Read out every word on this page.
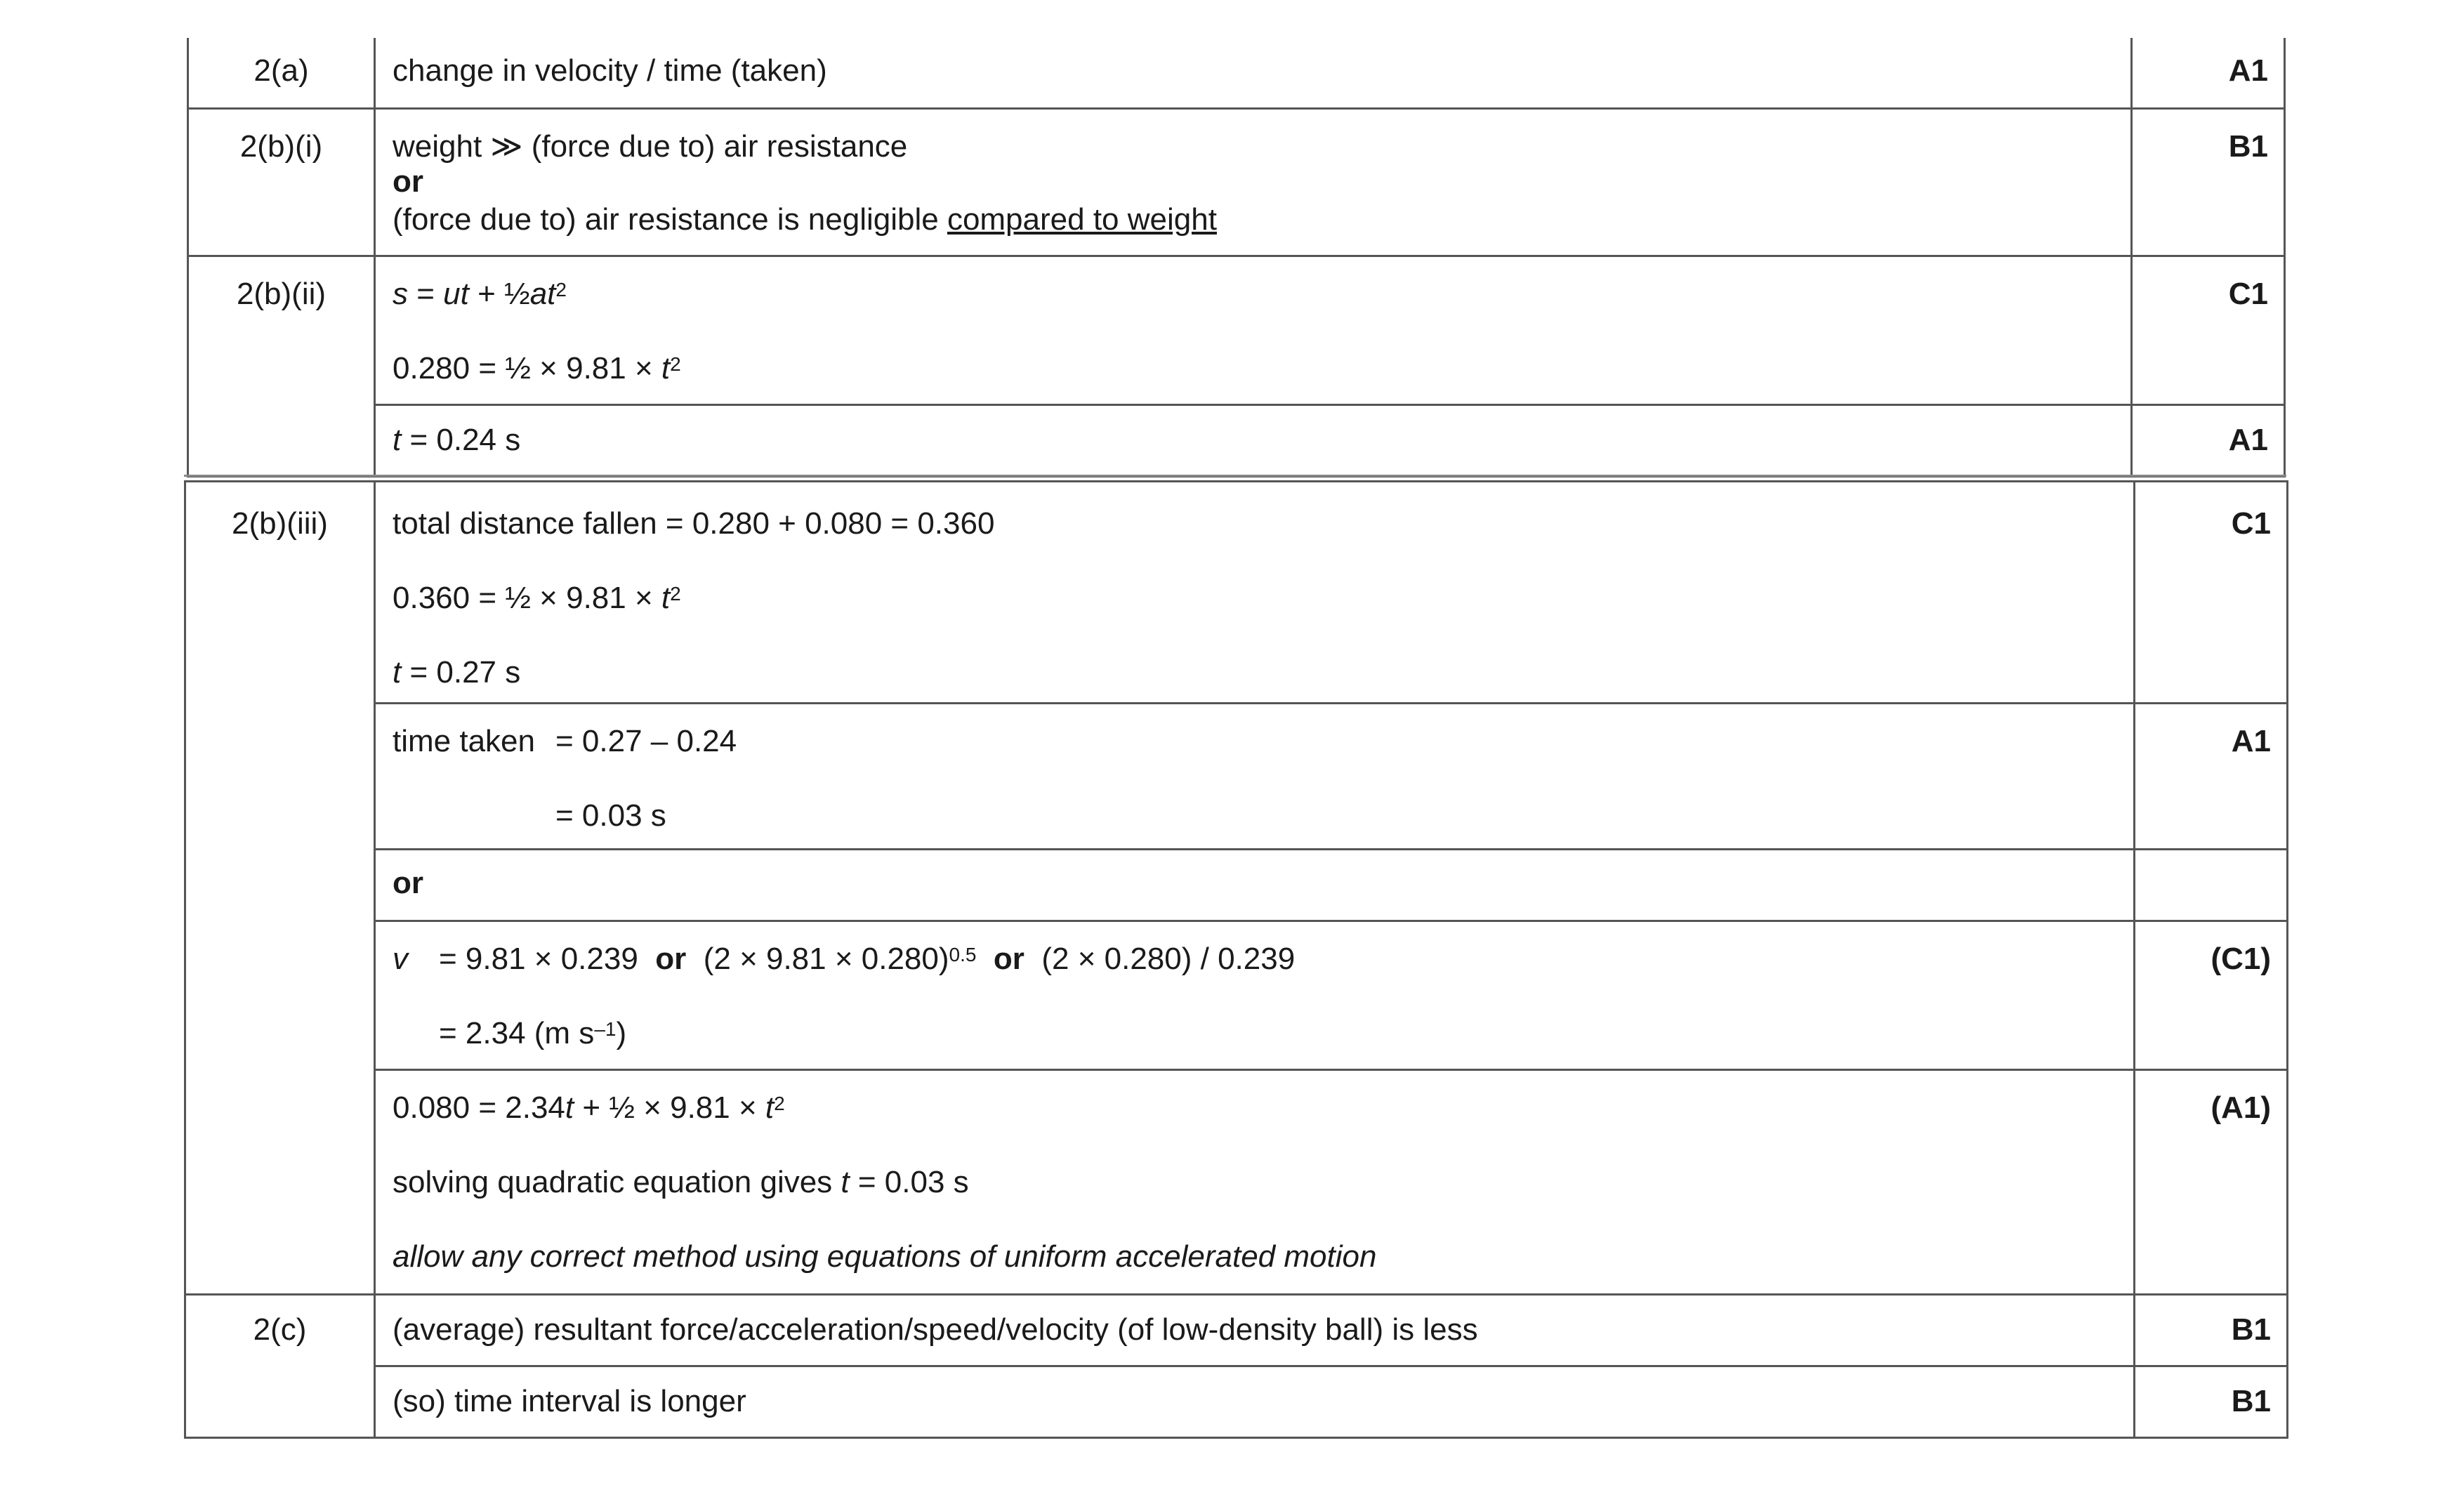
2(a)	change in velocity / time (taken)	A1
2(b)(i)	weight ≫ (force due to) air resistance
or
(force due to) air resistance is negligible compared to weight	B1
2(b)(ii)	s = ut + $\frac{1}{2}at^2$
0.280 = ½ × $9.81 \times t^2$	C1

	t = 0.24 s	A1
2(b)(iii)	total distance fallen = 0.280 + 0.080 = 0.360
0.360 = ½ × $9.81 \times t^2$
t = 0.27 s	C1

	time taken = 0.27 – 0.24
= 0.03 s	A1

	or	

	v = 9.81 × 0.239 or $(2 \times 9.81 \times 0.280)^{0.5}$ or (2 × 0.280) / 0.239
= 2.34 (m $s^{-1}$)	(C1)

	0.080 = 2.34t + ½ × $9.81 \times t^2$
solving quadratic equation gives t = 0.03 s
allow any correct method using equations of uniform accelerated motion	(A1)
2(c)	(average) resultant force/acceleration/speed/velocity (of low-density ball) is less	B1

	(so) time interval is longer	B1
